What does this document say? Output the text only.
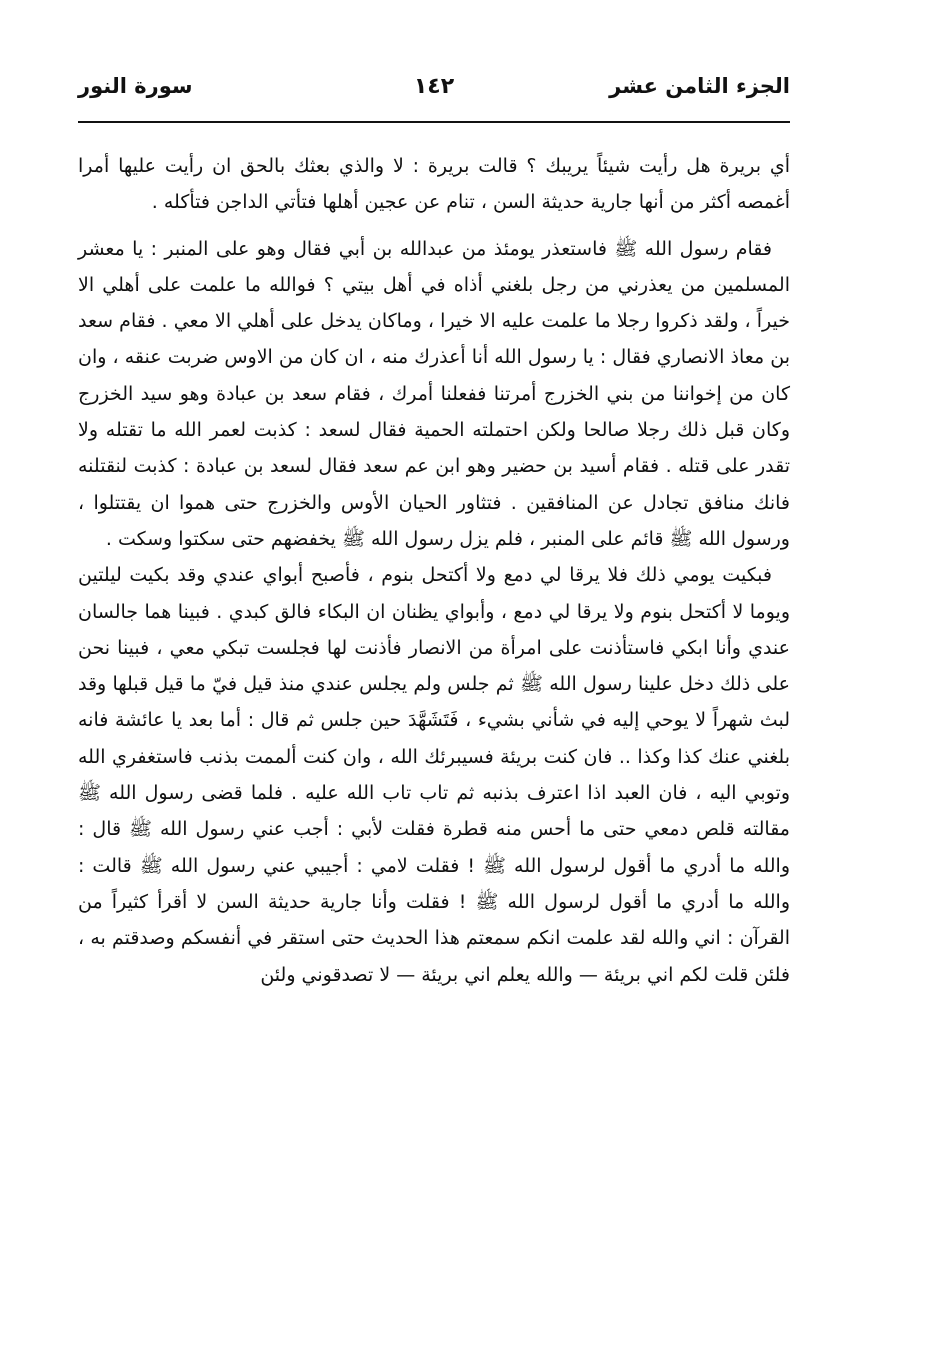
الجزء الثامن عشر
١٤٢
سورة النور

أي بريرة هل رأيت شيئاً يريبك ؟ قالت بريرة : لا والذي بعثك بالحق ان رأيت عليها أمرا أغمصه أكثر من أنها جارية حديثة السن ، تنام عن عجين أهلها فتأتي الداجن فتأكله .

فقام رسول الله ﷺ فاستعذر يومئذ من عبدالله بن أبي فقال وهو على المنبر : يا معشر المسلمين من يعذرني من رجل بلغني أذاه في أهل بيتي ؟ فوالله ما علمت على أهلي الا خيراً ، ولقد ذكروا رجلا ما علمت عليه الا خيرا ، وماكان يدخل على أهلي الا معي . فقام سعد بن معاذ الانصاري فقال : يا رسول الله أنا أعذرك منه ، ان كان من الاوس ضربت عنقه ، وان كان من إخواننا من بني الخزرج أمرتنا ففعلنا أمرك ، فقام سعد بن عبادة وهو سيد الخزرج وكان قبل ذلك رجلا صالحا ولكن احتملته الحمية فقال لسعد : كذبت لعمر الله ما تقتله ولا تقدر على قتله . فقام أسيد بن حضير وهو ابن عم سعد فقال لسعد بن عبادة : كذبت لنقتلنه فانك منافق تجادل عن المنافقين . فتثاور الحيان الأوس والخزرج حتى هموا ان يقتتلوا ، ورسول الله ﷺ قائم على المنبر ، فلم يزل رسول الله ﷺ يخفضهم حتى سكتوا وسكت .

فبكيت يومي ذلك فلا يرقا لي دمع ولا أكتحل بنوم ، فأصبح أبواي عندي وقد بكيت ليلتين ويوما لا أكتحل بنوم ولا يرقا لي دمع ، وأبواي يظنان ان البكاء فالق كبدي . فبينا هما جالسان عندي وأنا ابكي فاستأذنت على امرأة من الانصار فأذنت لها فجلست تبكي معي ، فبينا نحن على ذلك دخل علينا رسول الله ﷺ ثم جلس ولم يجلس عندي منذ قيل فيّ ما قيل قبلها وقد لبث شهراً لا يوحي إليه في شأني بشيء ، فَتَشَهَّدَ حين جلس ثم قال : أما بعد يا عائشة فانه بلغني عنك كذا وكذا .. فان كنت بريئة فسيبرئك الله ، وان كنت ألممت بذنب فاستغفري الله وتوبي اليه ، فان العبد اذا اعترف بذنبه ثم تاب تاب الله عليه . فلما قضى رسول الله ﷺ مقالته قلص دمعي حتى ما أحس منه قطرة فقلت لأبي : أجب عني رسول الله ﷺ قال : والله ما أدري ما أقول لرسول الله ﷺ ! فقلت لامي : أجيبي عني رسول الله ﷺ قالت : والله ما أدري ما أقول لرسول الله ﷺ ! فقلت وأنا جارية حديثة السن لا أقرأ كثيراً من القرآن : اني والله لقد علمت انكم سمعتم هذا الحديث حتى استقر في أنفسكم وصدقتم به ، فلئن قلت لكم اني بريئة — والله يعلم اني بريئة — لا تصدقوني ولئن
